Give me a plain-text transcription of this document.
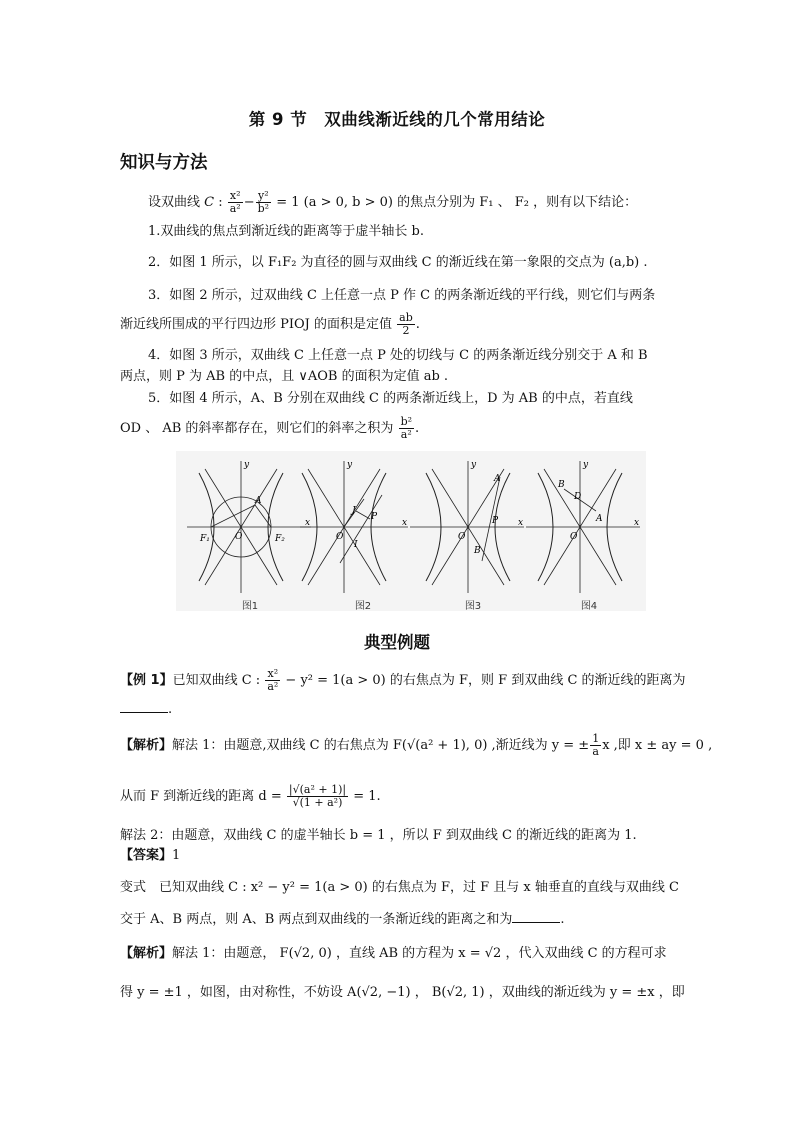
第 9 节　双曲线渐近线的几个常用结论
知识与方法
设双曲线 C : $\frac{\text{x²}}{\text{a²}} - \frac{\text{y²}}{\text{b²}} = 1$ (a > 0, b > 0) 的焦点分别为 F₁ 、 F₂ ，则有以下结论：
1.双曲线的焦点到渐近线的距离等于虚半轴长 b.
2．如图 1 所示，以 F₁F₂ 为直径的圆与双曲线 C 的渐近线在第一象限的交点为 (a,b) .
3．如图 2 所示，过双曲线 C 上任意一点 P 作 C 的两条渐近线的平行线，则它们与两条
渐近线所围成的平行四边形 PIOJ 的面积是定值 $\frac{ab}{2}$ .
4．如图 3 所示，双曲线 C 上任意一点 P 处的切线与 C 的两条渐近线分别交于 A 和 B
两点，则 P 为 AB 的中点，且 ∨AOB 的面积为定值 ab .
5．如图 4 所示，A、B 分别在双曲线 C 的两条渐近线上，D 为 AB 的中点，若直线
OD 、 AB 的斜率都存在，则它们的斜率之积为 $\frac{\text{b²}}{\text{a²}}$ .
y
x
A
O
F₁	F₂
图1
y
x
J
P
O
I
图2
y
x
A
P
O
B
图3
y
x
B
D
A
O
图4
典型例题
【例 1】已知双曲线 C : $\frac{\text{x²}}{\text{a²}} - y^2 = 1(a > 0)$ 的右焦点为 F，则 F 到双曲线 C 的渐近线的距离为
.
【解析】解法 1：由题意,双曲线 C 的右焦点为 F(√(a² + 1), 0) ,渐近线为 y = ± $\frac{1}{a}$ x ,即 x ± ay = 0 ,
从而 F 到渐近线的距离 $d = \frac{\text{|√(a² + 1)|}}{\text{√(1 + a²)}} = 1$.
解法 2：由题意，双曲线 C 的虚半轴长 b = 1 ，所以 F 到双曲线 C 的渐近线的距离为 1.
【答案】1
变式　已知双曲线 C : x² − y² = 1(a > 0) 的右焦点为 F，过 F 且与 x 轴垂直的直线与双曲线 C
交于 A、B 两点，则 A、B 两点到双曲线的一条渐近线的距离之和为	.
【解析】解法 1：由题意， F(√2, 0) ，直线 AB 的方程为 x = √2 ，代入双曲线 C 的方程可求
得 y = ±1 ，如图，由对称性，不妨设 A(√2, −1) ， B(√2, 1) ，双曲线的渐近线为 y = ±x ，即
